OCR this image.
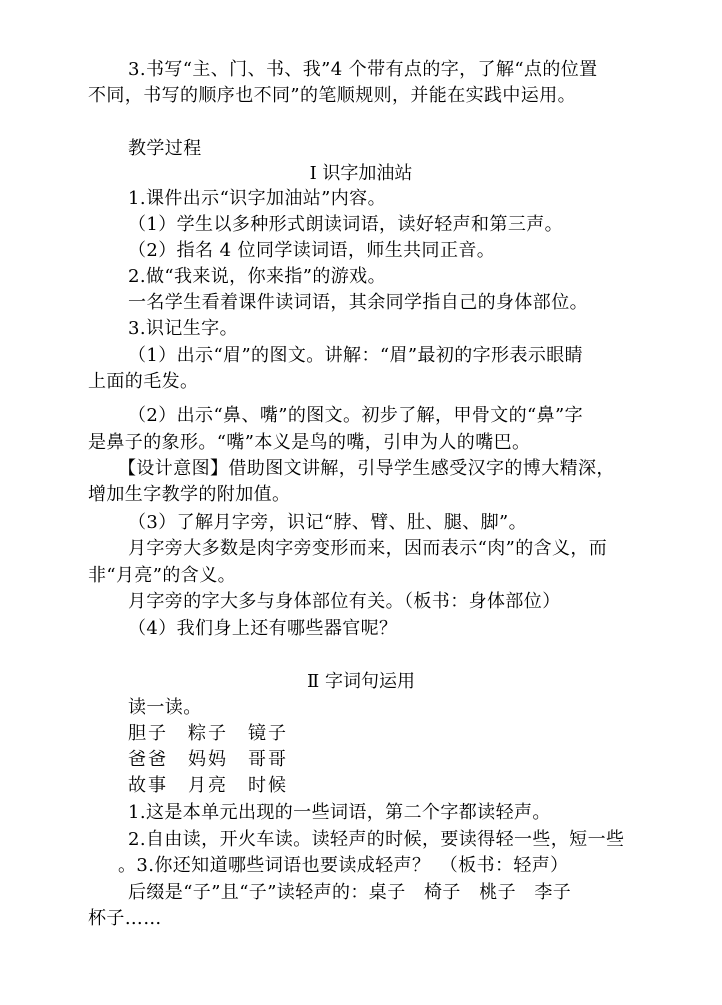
3.书写“主、门、书、我”4 个带有点的字，了解“点的位置
不同，书写的顺序也不同”的笔顺规则，并能在实践中运用。
教学过程
Ⅰ 识字加油站
1.课件出示“识字加油站”内容。
（1）学生以多种形式朗读词语，读好轻声和第三声。
（2）指名 4 位同学读词语，师生共同正音。
2.做“我来说，你来指”的游戏。
一名学生看着课件读词语，其余同学指自己的身体部位。
3.识记生字。
（1）出示“眉”的图文。讲解：“眉”最初的字形表示眼睛
上面的毛发。
（2）出示“鼻、嘴”的图文。初步了解，甲骨文的“鼻”字
是鼻子的象形。“嘴”本义是鸟的嘴，引申为人的嘴巴。
【设计意图】借助图文讲解，引导学生感受汉字的博大精深，
增加生字教学的附加值。
（3）了解月字旁，识记“脖、臂、肚、腿、脚”。
月字旁大多数是肉字旁变形而来，因而表示“肉”的含义，而
非“月亮”的含义。
月字旁的字大多与身体部位有关。（板书：身体部位）
（4）我们身上还有哪些器官呢？
Ⅱ 字词句运用
读一读。
胆子　粽子　镜子
爸爸　妈妈　哥哥
故事　月亮　时候
1.这是本单元出现的一些词语，第二个字都读轻声。
2.自由读，开火车读。读轻声的时候，要读得轻一些，短一些
。3.你还知道哪些词语也要读成轻声？　（板书：轻声）
后缀是“子”且“子”读轻声的：桌子　椅子　桃子　李子
杯子……
